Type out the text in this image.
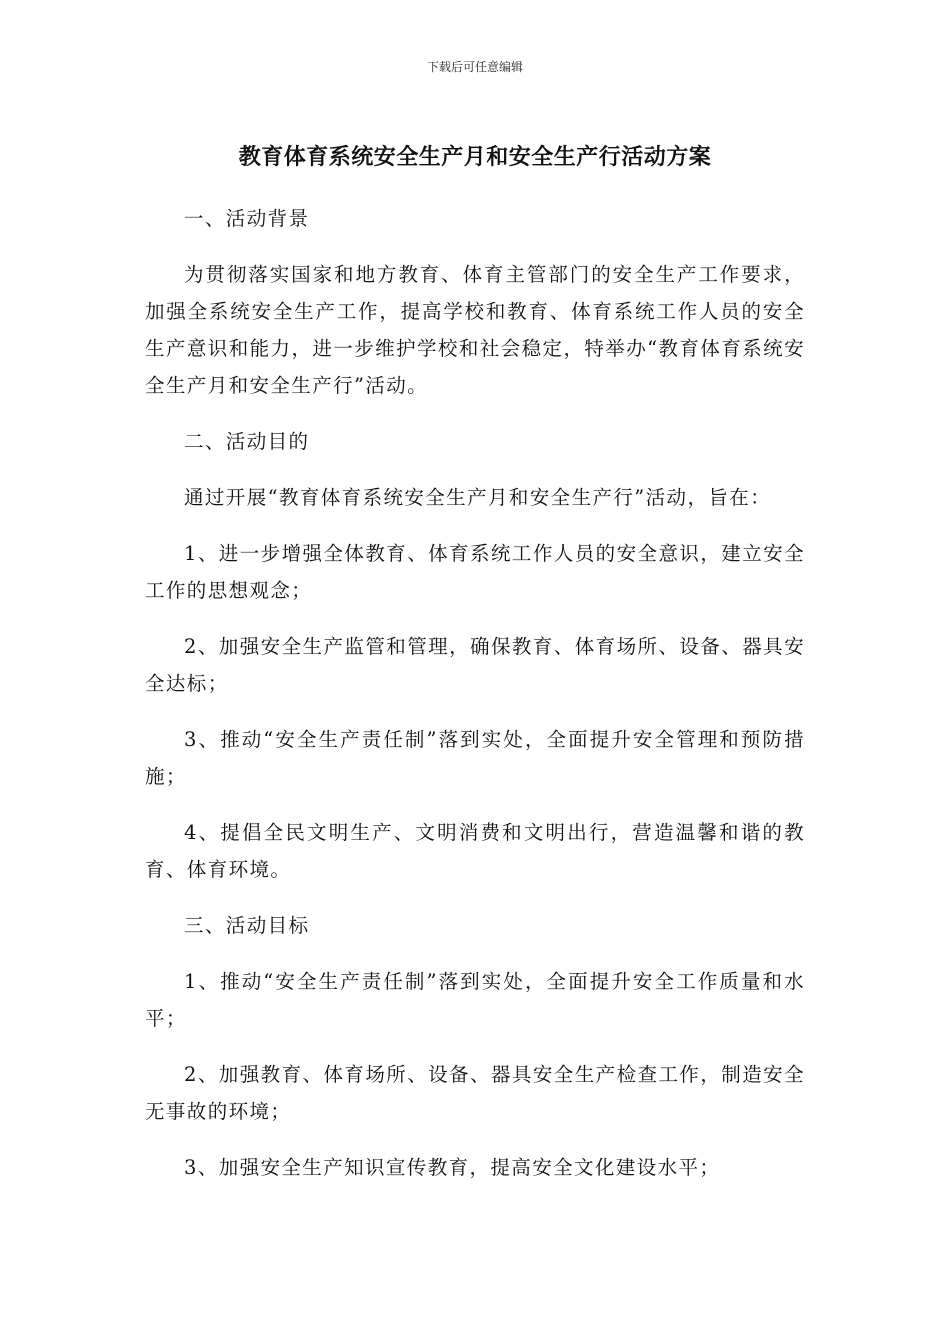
下载后可任意编辑
教育体育系统安全生产月和安全生产行活动方案

一、活动背景

为贯彻落实国家和地方教育、体育主管部门的安全生产工作要求，加强全系统安全生产工作，提高学校和教育、体育系统工作人员的安全生产意识和能力，进一步维护学校和社会稳定，特举办“教育体育系统安全生产月和安全生产行”活动。

二、活动目的

通过开展“教育体育系统安全生产月和安全生产行”活动，旨在：

1、进一步增强全体教育、体育系统工作人员的安全意识，建立安全工作的思想观念；

2、加强安全生产监管和管理，确保教育、体育场所、设备、器具安全达标；

3、推动“安全生产责任制”落到实处，全面提升安全管理和预防措施；

4、提倡全民文明生产、文明消费和文明出行，营造温馨和谐的教育、体育环境。

三、活动目标

1、推动“安全生产责任制”落到实处，全面提升安全工作质量和水平；

2、加强教育、体育场所、设备、器具安全生产检查工作，制造安全无事故的环境；

3、加强安全生产知识宣传教育，提高安全文化建设水平；
